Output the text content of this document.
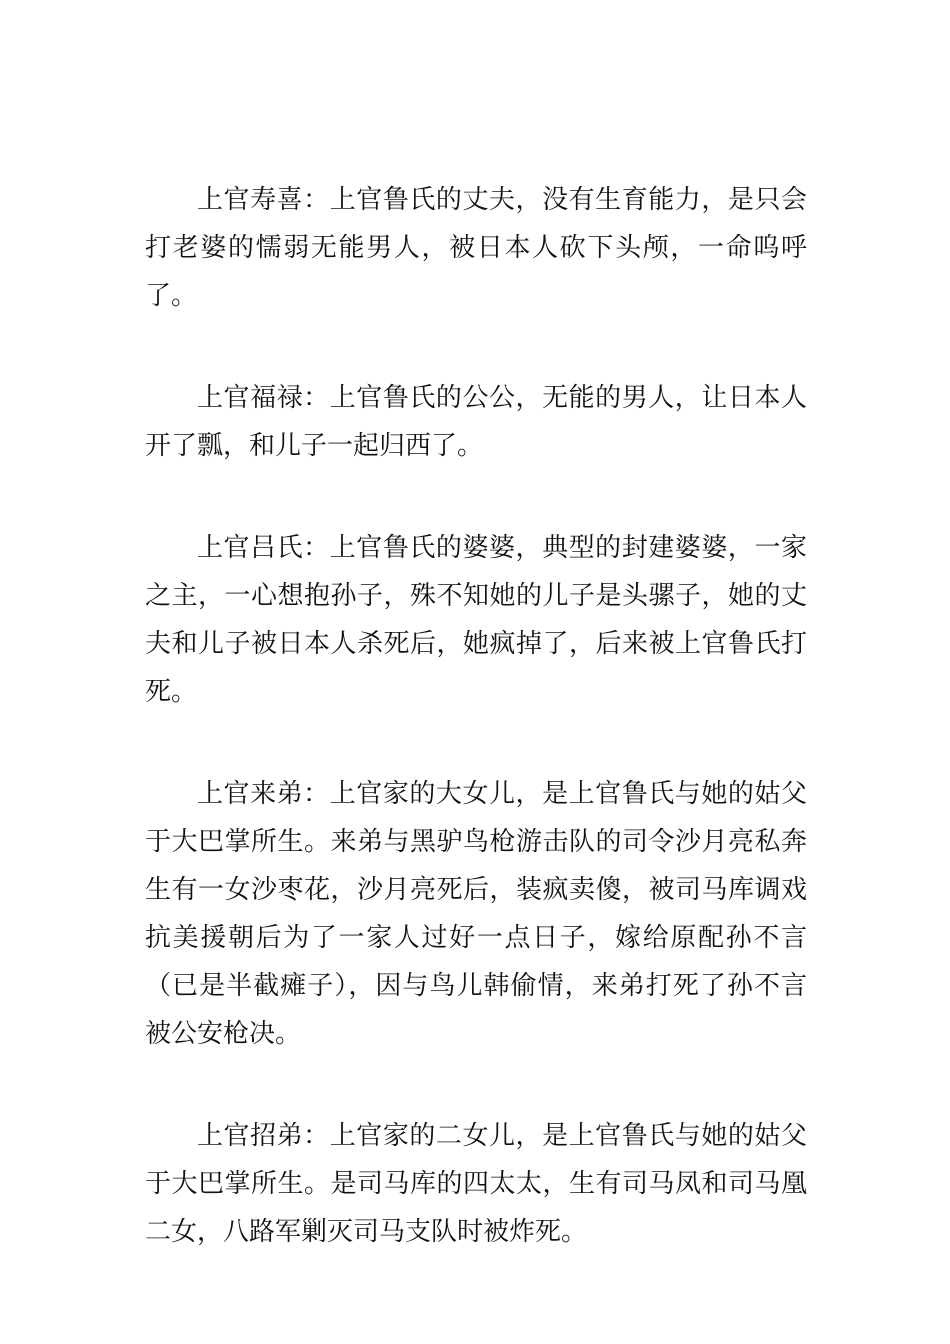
上官寿喜：上官鲁氏的丈夫，没有生育能力，是只会打老婆的懦弱无能男人，被日本人砍下头颅，一命呜呼了。

上官福禄：上官鲁氏的公公，无能的男人，让日本人开了瓢，和儿子一起归西了。

上官吕氏：上官鲁氏的婆婆，典型的封建婆婆，一家之主，一心想抱孙子，殊不知她的儿子是头骡子，她的丈夫和儿子被日本人杀死后，她疯掉了，后来被上官鲁氏打死。

上官来弟：上官家的大女儿，是上官鲁氏与她的姑父于大巴掌所生。来弟与黑驴鸟枪游击队的司令沙月亮私奔生有一女沙枣花，沙月亮死后，装疯卖傻，被司马库调戏抗美援朝后为了一家人过好一点日子，嫁给原配孙不言（已是半截瘫子），因与鸟儿韩偷情，来弟打死了孙不言被公安枪决。

上官招弟：上官家的二女儿，是上官鲁氏与她的姑父于大巴掌所生。是司马库的四太太，生有司马凤和司马凰二女，八路军剿灭司马支队时被炸死。
